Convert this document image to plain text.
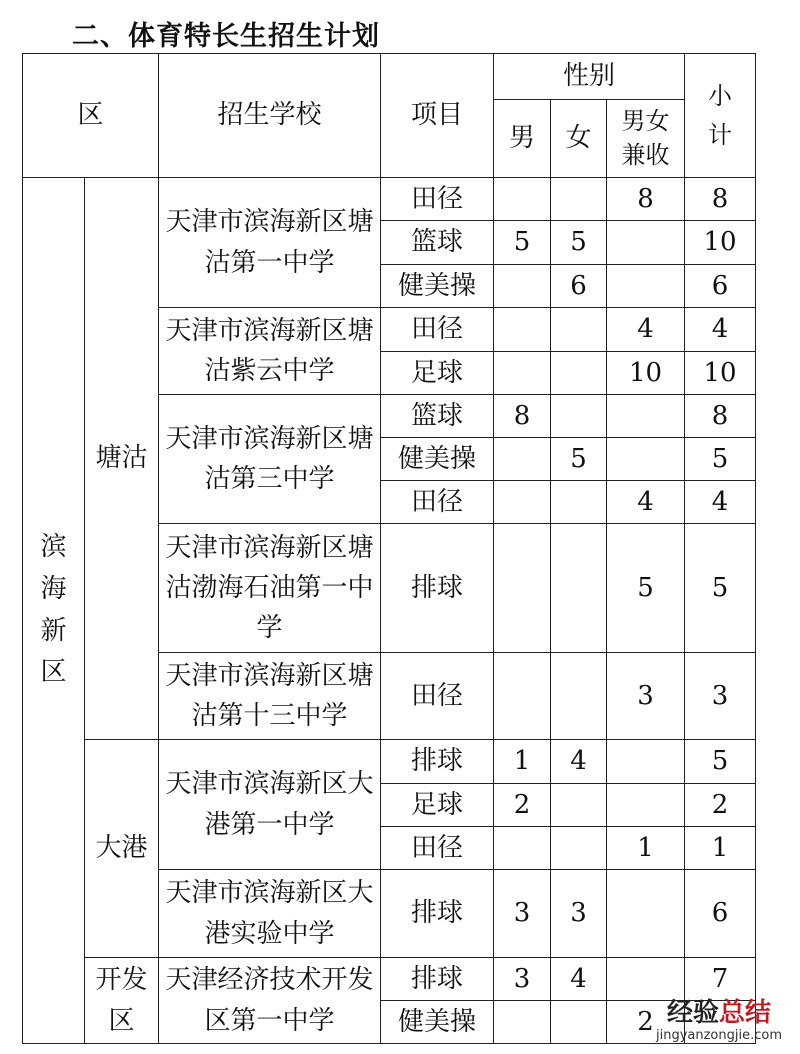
二、体育特长生招生计划
区		招生学校	项目	性别			小计
				男	女	男女兼收	
滨海新区	塘沽	天津市滨海新区塘沽第一中学	田径			8	8
			篮球	5	5		10
			健美操		6		6
		天津市滨海新区塘沽紫云中学	田径			4	4
			足球			10	10
		天津市滨海新区塘沽第三中学	篮球	8			8
			健美操		5		5
			田径			4	4
		天津市滨海新区塘沽渤海石油第一中学	排球			5	5
		天津市滨海新区塘沽第十三中学	田径			3	3

	大港	天津市滨海新区大港第一中学	排球	1	4		5
			足球	2			2
			田径			1	1
		天津市滨海新区大港实验中学	排球	3	3		6
	开发区	天津经济技术开发区第一中学	排球	3	4		7
			健美操			2	经验总结
jingyanzongjie.com
